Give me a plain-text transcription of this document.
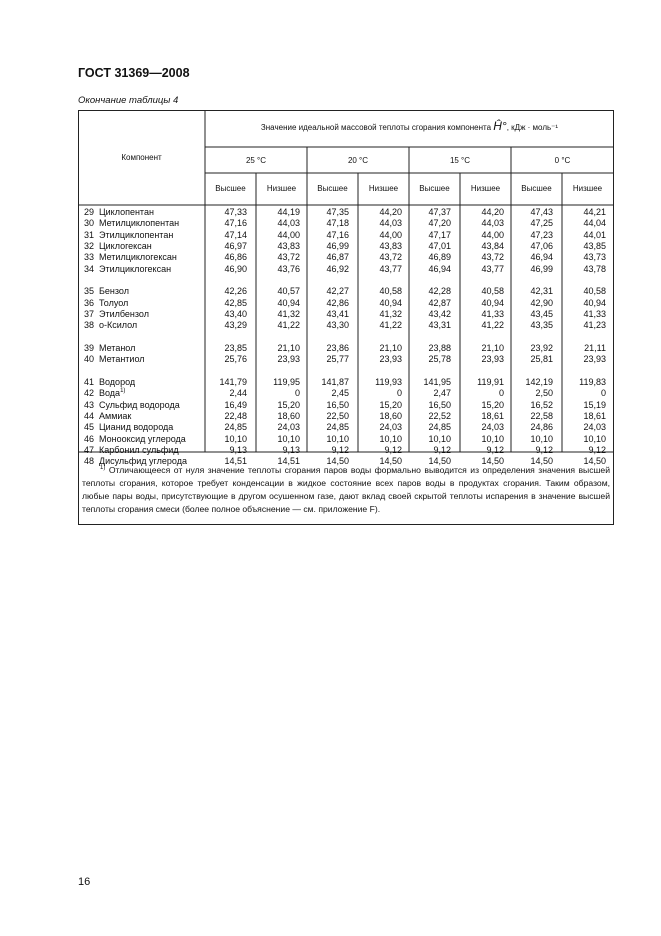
ГОСТ 31369—2008
Окончание таблицы 4
Компонент
Значение идеальной массовой теплоты сгорания компонента Ĥ°, кДж · моль⁻¹
25 °С	20 °С	15 °С	0 °С
Высшее	Низшее	Высшее	Низшее	Высшее	Низшее	Высшее	Низшее
29 Циклопентан	47,33	44,19	47,35	44,20	47,37	44,20	47,43	44,21
30 Метилциклопентан	47,16	44,03	47,18	44,03	47,20	44,03	47,25	44,04
31 Этилциклопентан	47,14	44,00	47,16	44,00	47,17	44,00	47,23	44,01
32 Циклогексан	46,97	43,83	46,99	43,83	47,01	43,84	47,06	43,85
33 Метилциклогексан	46,86	43,72	46,87	43,72	46,89	43,72	46,94	43,73
34 Этилциклогексан	46,90	43,76	46,92	43,77	46,94	43,77	46,99	43,78
35 Бензол	42,26	40,57	42,27	40,58	42,28	40,58	42,31	40,58
36 Толуол	42,85	40,94	42,86	40,94	42,87	40,94	42,90	40,94
37 Этилбензол	43,40	41,32	43,41	41,32	43,42	41,33	43,45	41,33
38 о-Ксилол	43,29	41,22	43,30	41,22	43,31	41,22	43,35	41,23
39 Метанол	23,85	21,10	23,86	21,10	23,88	21,10	23,92	21,11
40 Метантиол	25,76	23,93	25,77	23,93	25,78	23,93	25,81	23,93
41 Водород	141,79	119,95	141,87	119,93	141,95	119,91	142,19	119,83
42 Вода$^{1)}$	2,44	0	2,45	0	2,47	0	2,50	0
43 Сульфид водорода	16,49	15,20	16,50	15,20	16,50	15,20	16,52	15,19
44 Аммиак	22,48	18,60	22,50	18,60	22,52	18,61	22,58	18,61
45 Цианид водорода	24,85	24,03	24,85	24,03	24,85	24,03	24,86	24,03
46 Монооксид углерода	10,10	10,10	10,10	10,10	10,10	10,10	10,10	10,10
47 Карбонил сульфид	9,13	9,13	9,12	9,12	9,12	9,12	9,12	9,12
48 Дисульфид углерода	14,51	14,51	14,50	14,50	14,50	14,50	14,50	14,50
$^{1)}$ Отличающееся от нуля значение теплоты сгорания паров воды формально выводится из определения значения высшей теплоты сгорания, которое требует конденсации в жидкое состояние всех паров воды в продуктах сгорания. Таким образом, любые пары воды, присутствующие в другом осушенном газе, дают вклад своей скрытой теплоты испарения в значение высшей теплоты сгорания смеси (более полное объяснение — см. приложение F).
16
